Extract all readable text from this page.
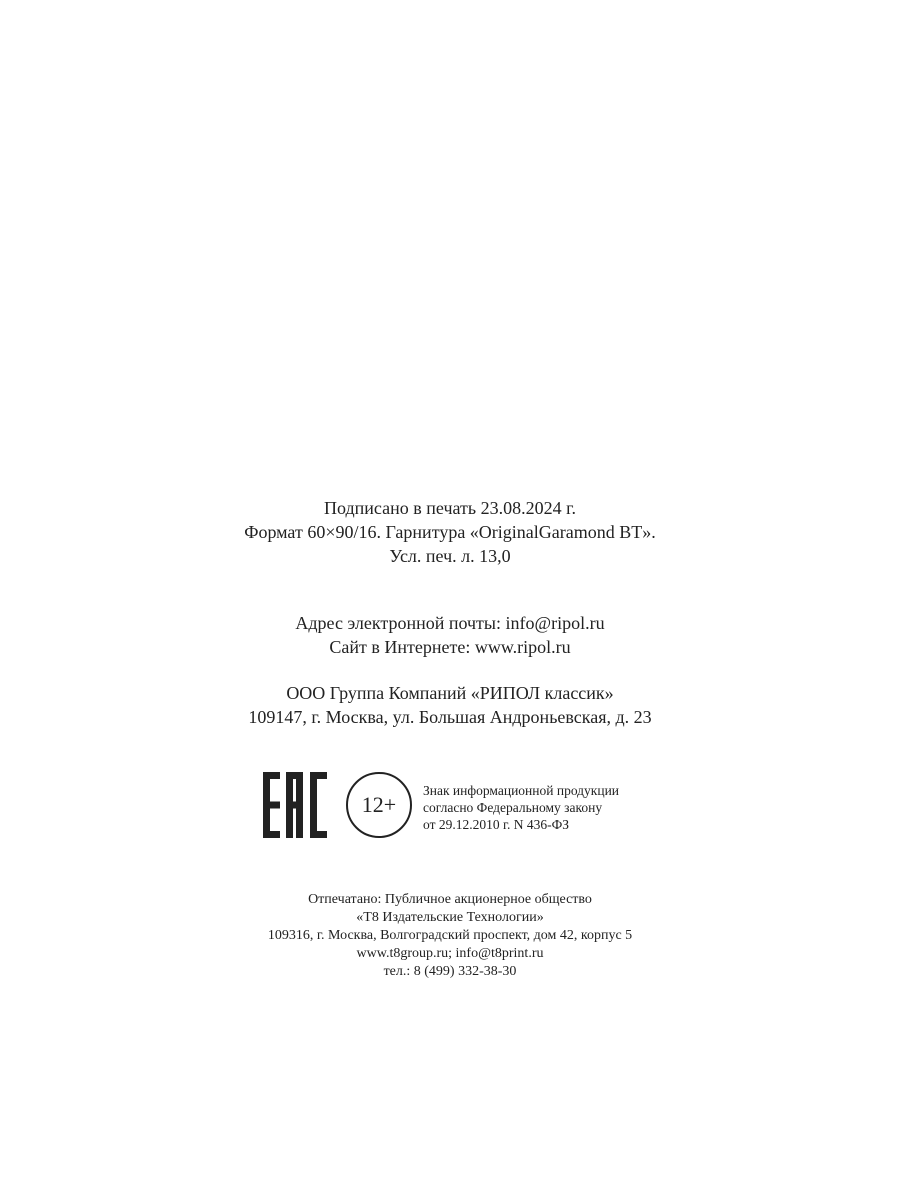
Подписано в печать 23.08.2024 г.
Формат 60×90/16. Гарнитура «OriginalGaramond BT».
Усл. печ. л. 13,0
Адрес электронной почты: info@ripol.ru
Сайт в Интернете: www.ripol.ru
ООО Группа Компаний «РИПОЛ классик»
109147, г. Москва, ул. Большая Андроньевская, д. 23
12+
Знак информационной продукции
согласно Федеральному закону
от 29.12.2010 г. N 436-ФЗ
Отпечатано: Публичное акционерное общество
«Т8 Издательские Технологии»
109316, г. Москва, Волгоградский проспект, дом 42, корпус 5
www.t8group.ru; info@t8print.ru
тел.: 8 (499) 332-38-30
